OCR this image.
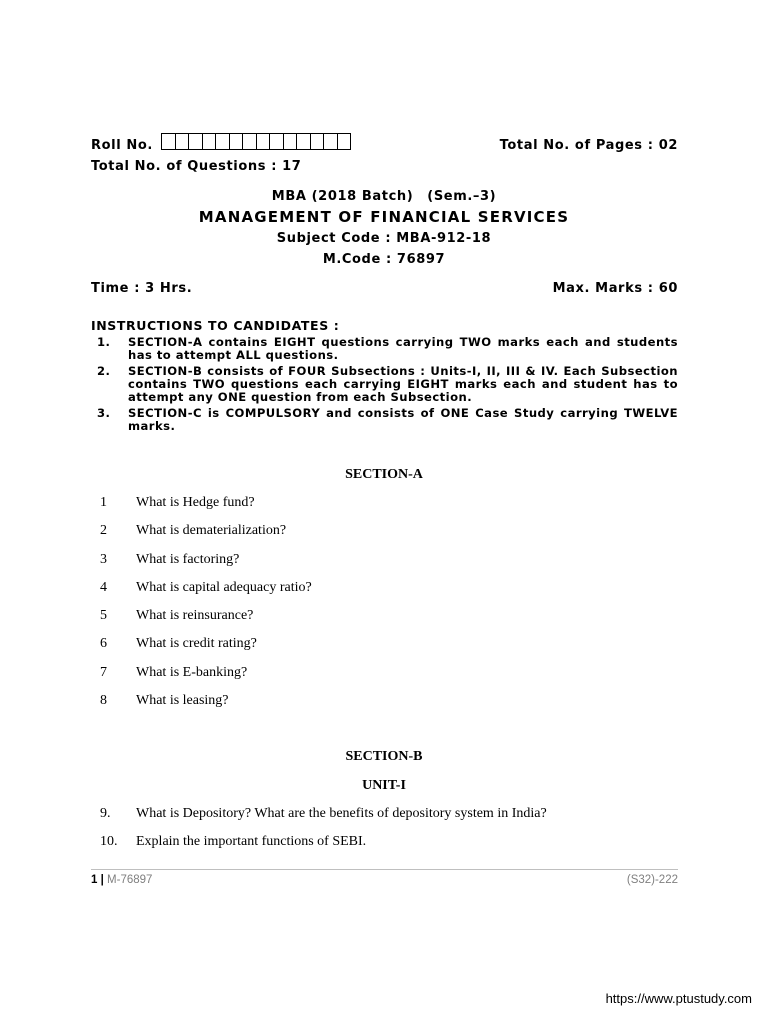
Roll No.	Total No. of Pages : 02
Total No. of Questions : 17
MBA (2018 Batch) (Sem.–3)
MANAGEMENT OF FINANCIAL SERVICES
Subject Code : MBA-912-18
M.Code : 76897
Time : 3 Hrs.	Max. Marks : 60
INSTRUCTIONS TO CANDIDATES :
1. SECTION-A contains EIGHT questions carrying TWO marks each and students has to attempt ALL questions.
2. SECTION-B consists of FOUR Subsections : Units-I, II, III & IV. Each Subsection contains TWO questions each carrying EIGHT marks each and student has to attempt any ONE question from each Subsection.
3. SECTION-C is COMPULSORY and consists of ONE Case Study carrying TWELVE marks.
SECTION-A
1	What is Hedge fund?
2	What is dematerialization?
3	What is factoring?
4	What is capital adequacy ratio?
5	What is reinsurance?
6	What is credit rating?
7	What is E-banking?
8	What is leasing?
SECTION-B
UNIT-I
9.	What is Depository? What are the benefits of depository system in India?
10. Explain the important functions of SEBI.
1 | M-76897	(S32)-222
https://www.ptustudy.com
